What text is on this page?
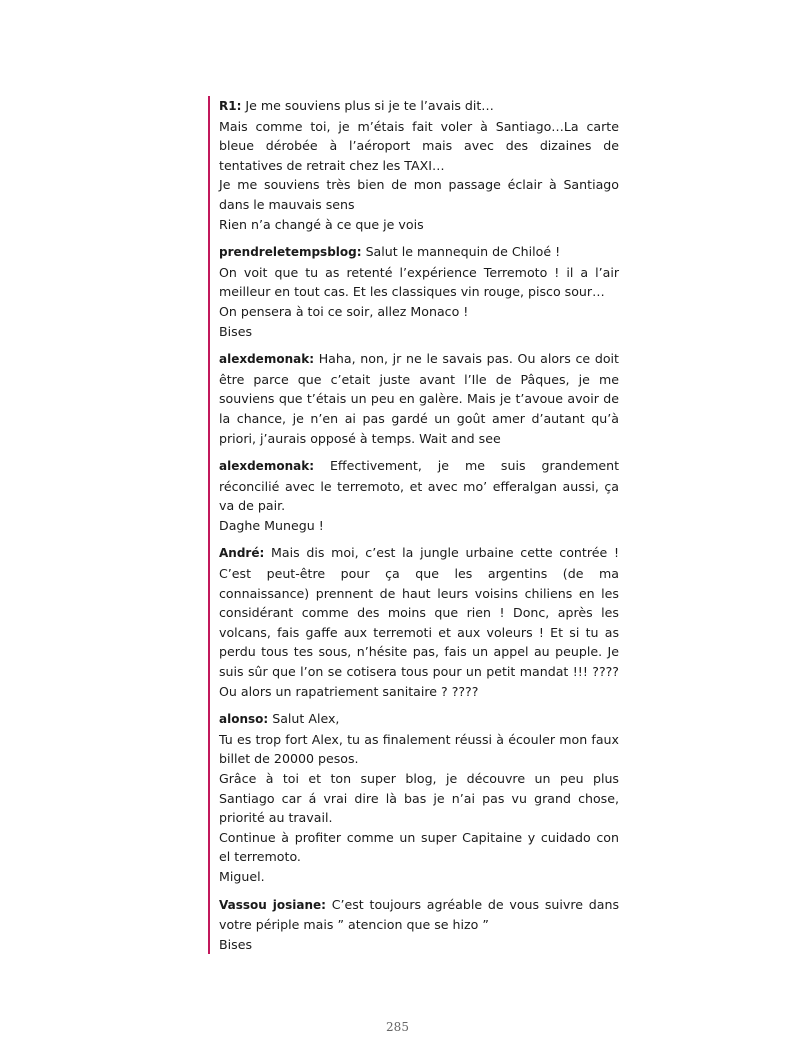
R1: Je me souviens plus si je te l’avais dit…

Mais comme toi, je m’étais fait voler à Santiago…La carte bleue dérobée à l’aéroport mais avec des dizaines de tentatives de retrait chez les TAXI…

Je me souviens très bien de mon passage éclair à Santiago dans le mauvais sens

Rien n’a changé à ce que je vois

prendreletempsblog: Salut le mannequin de Chiloé !

On voit que tu as retenté l’expérience Terremoto ! il a l’air meilleur en tout cas. Et les classiques vin rouge, pisco sour…

On pensera à toi ce soir, allez Monaco !

Bises

alexdemonak: Haha, non, jr ne le savais pas. Ou alors ce doit être parce que c’etait juste avant l’Ile de Pâques, je me souviens que t’étais un peu en galère. Mais je t’avoue avoir de la chance, je n’en ai pas gardé un goût amer d’autant qu’à priori, j’aurais opposé à temps. Wait and see

alexdemonak: Effectivement, je me suis grandement réconcilié avec le terremoto, et avec mo’ efferalgan aussi, ça va de pair.

Daghe Munegu !

André: Mais dis moi, c’est la jungle urbaine cette contrée ! C’est peut-être pour ça que les argentins (de ma connaissance) prennent de haut leurs voisins chiliens en les considérant comme des moins que rien ! Donc, après les volcans, fais gaffe aux terremoti et aux voleurs ! Et si tu as perdu tous tes sous, n’hésite pas, fais un appel au peuple. Je suis sûr que l’on se cotisera tous pour un petit mandat !!! ???? Ou alors un rapatriement sanitaire ? ????

alonso: Salut Alex,

Tu es trop fort Alex, tu as finalement réussi à écouler mon faux billet de 20000 pesos.

Grâce à toi et ton super blog, je découvre un peu plus Santiago car á vrai dire là bas je n’ai pas vu grand chose, priorité au travail.

Continue à profiter comme un super Capitaine y cuidado con el terremoto.

Miguel.

Vassou josiane: C’est toujours agréable de vous suivre dans votre périple mais ” atencion que se hizo ”

Bises

285
